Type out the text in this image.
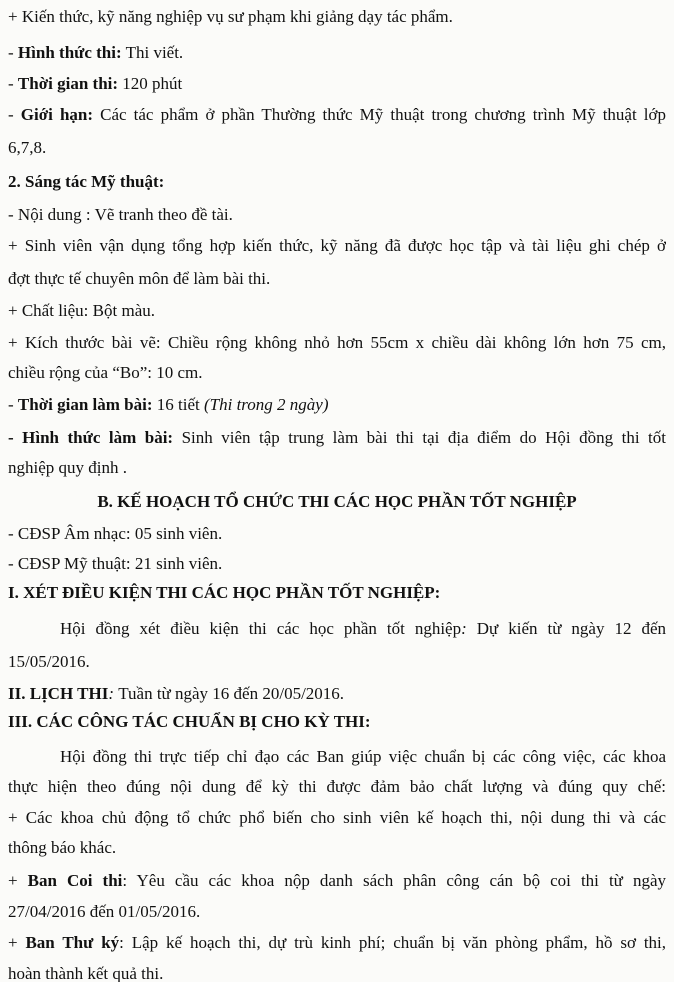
+ Kiến thức, kỹ năng nghiệp vụ sư phạm khi giảng dạy tác phẩm.
- Hình thức thi: Thi viết.
- Thời gian thi: 120 phút
- Giới hạn: Các tác phẩm ở phần Thường thức Mỹ thuật trong chương trình Mỹ thuật lớp
6,7,8.
2. Sáng tác Mỹ thuật:
- Nội dung : Vẽ tranh theo đề tài.
+ Sinh viên vận dụng tổng hợp kiến thức, kỹ năng đã được học tập và tài liệu ghi chép ở
đợt thực tế chuyên môn để làm bài thi.
+ Chất liệu: Bột màu.
+ Kích thước bài vẽ: Chiều rộng không nhỏ hơn 55cm x chiều dài không lớn hơn 75 cm,
chiều rộng của “Bo”: 10 cm.
- Thời gian làm bài: 16 tiết (Thi trong 2 ngày)
- Hình thức làm bài: Sinh viên tập trung làm bài thi tại địa điểm do Hội đồng thi tốt
nghiệp quy định .
B. KẾ HOẠCH TỔ CHỨC THI CÁC HỌC PHẦN TỐT NGHIỆP
- CĐSP Âm nhạc: 05 sinh viên.
- CĐSP Mỹ thuật: 21 sinh viên.
I. XÉT ĐIỀU KIỆN THI CÁC HỌC PHẦN TỐT NGHIỆP:
Hội đồng xét điều kiện thi các học phần tốt nghiệp: Dự kiến từ ngày 12 đến
15/05/2016.
II. LỊCH THI: Tuần từ ngày 16 đến 20/05/2016.
III. CÁC CÔNG TÁC CHUẨN BỊ CHO KỲ THI:
Hội đồng thi trực tiếp chỉ đạo các Ban giúp việc chuẩn bị các công việc, các khoa
thực hiện theo đúng nội dung để kỳ thi được đảm bảo chất lượng và đúng quy chế:
+ Các khoa chủ động tổ chức phổ biến cho sinh viên kế hoạch thi, nội dung thi và các
thông báo khác.
+ Ban Coi thi: Yêu cầu các khoa nộp danh sách phân công cán bộ coi thi từ ngày
27/04/2016 đến 01/05/2016.
+ Ban Thư ký: Lập kế hoạch thi, dự trù kinh phí; chuẩn bị văn phòng phẩm, hồ sơ thi,
hoàn thành kết quả thi.
